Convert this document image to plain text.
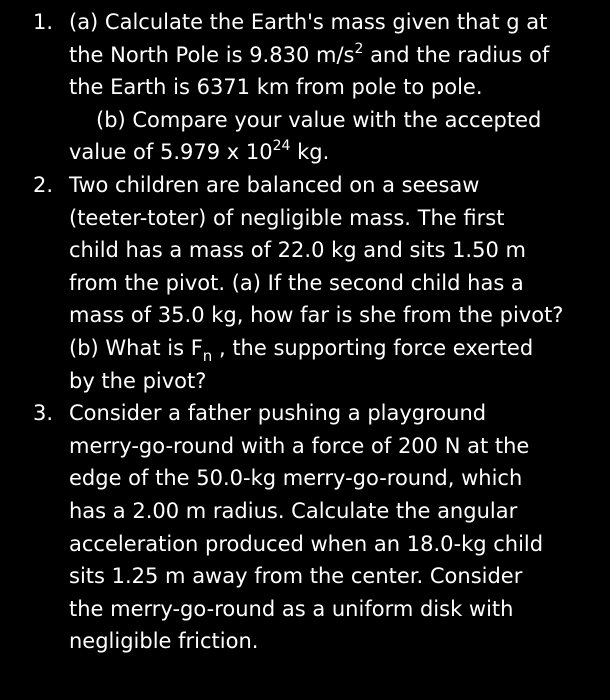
1. (a) Calculate the Earth's mass given that g at
the North Pole is 9.830 $m/s^2$ and the radius of
the Earth is 6371 km from pole to pole.
(b) Compare your value with the accepted
value of 5.979 x $10^{24}$ kg.
2. Two children are balanced on a seesaw
(teeter-toter) of negligible mass. The first
child has a mass of 22.0 kg and sits 1.50 m
from the pivot. (a) If the second child has a
mass of 35.0 kg, how far is she from the pivot?
(b) What is $F_n$ , the supporting force exerted
by the pivot?
3. Consider a father pushing a playground
merry-go-round with a force of 200 N at the
edge of the 50.0-kg merry-go-round, which
has a 2.00 m radius. Calculate the angular
acceleration produced when an 18.0-kg child
sits 1.25 m away from the center. Consider
the merry-go-round as a uniform disk with
negligible friction.
